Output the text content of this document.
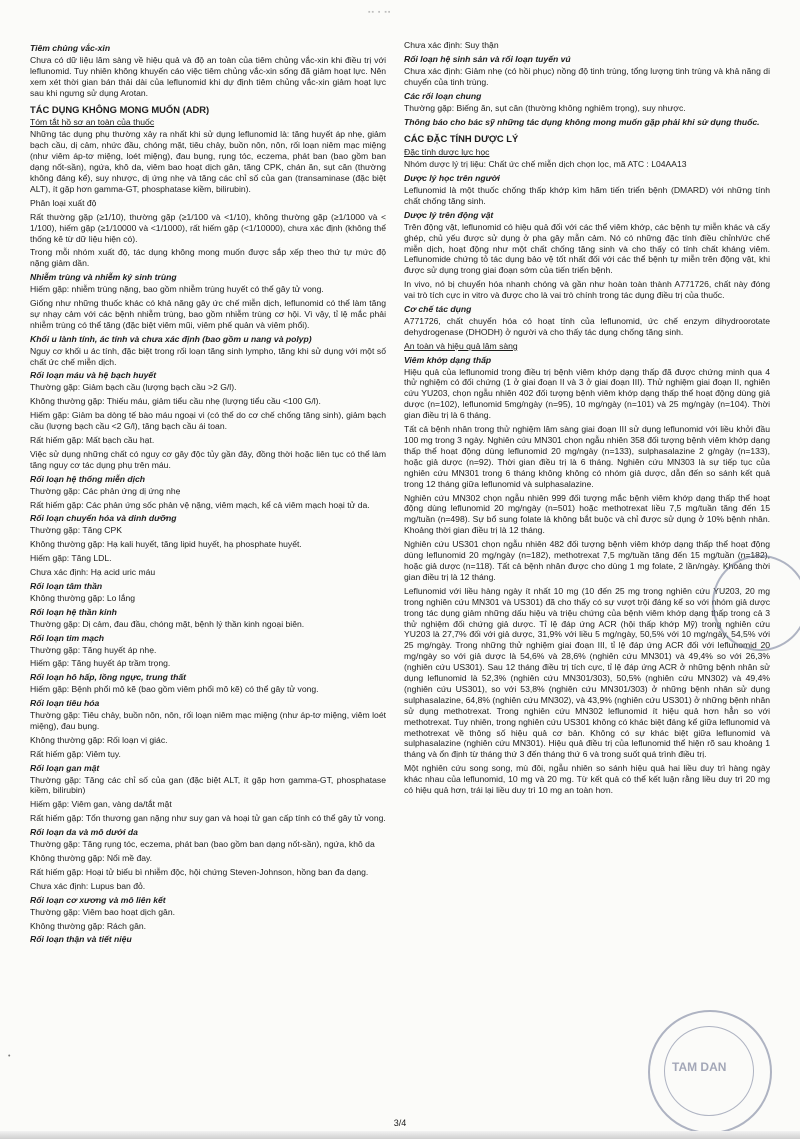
▪▪ ▪ ▪▪
•
Tiêm chủng vắc-xin

Chưa có dữ liệu lâm sàng về hiệu quả và độ an toàn của tiêm chủng vắc-xin khi điều trị với leflunomid. Tuy nhiên không khuyến cáo việc tiêm chủng vắc-xin sống đã giảm hoạt lực. Nên xem xét thời gian bán thải dài của leflunomid khi dự định tiêm chủng vắc-xin giảm hoạt lực sau khi ngưng sử dụng Arotan.

TÁC DỤNG KHÔNG MONG MUỐN (ADR)
Tóm tắt hồ sơ an toàn của thuốc

Những tác dụng phụ thường xảy ra nhất khi sử dụng leflunomid là: tăng huyết áp nhẹ, giảm bạch cầu, dị cảm, nhức đầu, chóng mặt, tiêu chảy, buồn nôn, nôn, rối loạn niêm mạc miệng (như viêm áp-tơ miệng, loét miệng), đau bụng, rụng tóc, eczema, phát ban (bao gồm ban dạng nốt-sần), ngứa, khô da, viêm bao hoạt dịch gân, tăng CPK, chán ăn, sụt cân (thường không đáng kể), suy nhược, dị ứng nhẹ và tăng các chỉ số của gan (transaminase (đặc biệt ALT), ít gặp hơn gamma-GT, phosphatase kiềm, bilirubin).

Phân loại xuất độ

Rất thường gặp (≥1/10), thường gặp (≥1/100 và <1/10), không thường gặp (≥1/1000 và < 1/100), hiếm gặp (≥1/10000 và <1/1000), rất hiếm gặp (<1/10000), chưa xác định (không thể thống kê từ dữ liệu hiện có).

Trong mỗi nhóm xuất độ, tác dụng không mong muốn được sắp xếp theo thứ tự mức độ nặng giảm dần.

Nhiễm trùng và nhiễm ký sinh trùng

Hiếm gặp: nhiễm trùng nặng, bao gồm nhiễm trùng huyết có thể gây tử vong.

Giống như những thuốc khác có khả năng gây ức chế miễn dịch, leflunomid có thể làm tăng sự nhạy cảm với các bệnh nhiễm trùng, bao gồm nhiễm trùng cơ hội. Vì vậy, tỉ lệ mắc phải nhiễm trùng có thể tăng (đặc biệt viêm mũi, viêm phế quản và viêm phổi).

Khối u lành tính, ác tính và chưa xác định (bao gồm u nang và polyp)

Nguy cơ khối u ác tính, đặc biệt trong rối loạn tăng sinh lympho, tăng khi sử dụng với một số chất ức chế miễn dịch.

Rối loạn máu và hệ bạch huyết

Thường gặp: Giảm bạch cầu (lượng bạch cầu >2 G/l).

Không thường gặp: Thiếu máu, giảm tiểu cầu nhẹ (lượng tiểu cầu <100 G/l).

Hiếm gặp: Giảm ba dòng tế bào máu ngoại vi (có thể do cơ chế chống tăng sinh), giảm bạch cầu (lượng bạch cầu <2 G/l), tăng bạch cầu ái toan.

Rất hiếm gặp: Mất bạch cầu hạt.

Việc sử dụng những chất có nguy cơ gây độc tủy gần đây, đồng thời hoặc liên tục có thể làm tăng nguy cơ tác dụng phụ trên máu.

Rối loạn hệ thống miễn dịch

Thường gặp: Các phản ứng dị ứng nhẹ

Rất hiếm gặp: Các phản ứng sốc phản vệ nặng, viêm mạch, kể cả viêm mạch hoại tử da.

Rối loạn chuyển hóa và dinh dưỡng

Thường gặp: Tăng CPK

Không thường gặp: Hạ kali huyết, tăng lipid huyết, hạ phosphate huyết.

Hiếm gặp: Tăng LDL.

Chưa xác định: Hạ acid uric máu

Rối loạn tâm thần

Không thường gặp: Lo lắng

Rối loạn hệ thần kinh

Thường gặp: Dị cảm, đau đầu, chóng mặt, bệnh lý thần kinh ngoại biên.

Rối loạn tim mạch

Thường gặp: Tăng huyết áp nhẹ.

Hiếm gặp: Tăng huyết áp trầm trọng.

Rối loạn hô hấp, lồng ngực, trung thất

Hiếm gặp: Bệnh phổi mô kẽ (bao gồm viêm phổi mô kẽ) có thể gây tử vong.

Rối loạn tiêu hóa

Thường gặp: Tiêu chảy, buồn nôn, nôn, rối loạn niêm mạc miệng (như áp-tơ miệng, viêm loét miệng), đau bụng.

Không thường gặp: Rối loạn vị giác.

Rất hiếm gặp: Viêm tụy.

Rối loạn gan mật

Thường gặp: Tăng các chỉ số của gan (đặc biệt ALT, ít gặp hơn gamma-GT, phosphatase kiềm, bilirubin)

Hiếm gặp: Viêm gan, vàng da/tắt mật

Rất hiếm gặp: Tổn thương gan nặng như suy gan và hoại tử gan cấp tính có thể gây tử vong.

Rối loạn da và mô dưới da

Thường gặp: Tăng rụng tóc, eczema, phát ban (bao gồm ban dạng nốt-sần), ngứa, khô da

Không thường gặp: Nổi mề đay.

Rất hiếm gặp: Hoại tử biểu bì nhiễm độc, hội chứng Steven-Johnson, hồng ban đa dạng.

Chưa xác định: Lupus ban đỏ.

Rối loạn cơ xương và mô liên kết

Thường gặp: Viêm bao hoạt dịch gân.

Không thường gặp: Rách gân.

Rối loạn thận và tiết niệu

Chưa xác định: Suy thận

Rối loạn hệ sinh sản và rối loạn tuyến vú

Chưa xác định: Giảm nhẹ (có hồi phục) nồng độ tinh trùng, tổng lượng tinh trùng và khả năng di chuyển của tinh trùng.

Các rối loạn chung

Thường gặp: Biếng ăn, sụt cân (thường không nghiêm trọng), suy nhược.

Thông báo cho bác sỹ những tác dụng không mong muốn gặp phải khi sử dụng thuốc.
CÁC ĐẶC TÍNH DƯỢC LÝ
Đặc tính dược lực học

Nhóm dược lý trị liệu: Chất ức chế miễn dịch chọn lọc, mã ATC : L04AA13

Dược lý học trên người

Leflunomid là một thuốc chống thấp khớp kìm hãm tiến triển bệnh (DMARD) với những tính chất chống tăng sinh.

Dược lý trên động vật

Trên động vật, leflunomid có hiệu quả đối với các thể viêm khớp, các bệnh tự miễn khác và cấy ghép, chủ yếu được sử dụng ở pha gây mẫn cảm. Nó có những đặc tính điều chỉnh/ức chế miễn dịch, hoạt động như một chất chống tăng sinh và cho thấy có tính chất kháng viêm. Leflunomide chứng tỏ tác dụng bảo vệ tốt nhất đối với các thể bệnh tự miễn trên động vật, khi được sử dụng trong giai đoạn sớm của tiến triển bệnh.

In vivo, nó bị chuyển hóa nhanh chóng và gần như hoàn toàn thành A771726, chất này đóng vai trò tích cực in vitro và được cho là vai trò chính trong tác dụng điều trị của thuốc.

Cơ chế tác dụng

A771726, chất chuyển hóa có hoạt tính của leflunomid, ức chế enzym dihydroorotate dehydrogenase (DHODH) ở người và cho thấy tác dụng chống tăng sinh.

An toàn và hiệu quả lâm sàng
Viêm khớp dạng thấp

Hiệu quả của leflunomid trong điều trị bệnh viêm khớp dạng thấp đã được chứng minh qua 4 thử nghiệm có đối chứng (1 ở giai đoạn II và 3 ở giai đoạn III). Thử nghiệm giai đoạn II, nghiên cứu YU203, chọn ngẫu nhiên 402 đối tượng bệnh viêm khớp dạng thấp thể hoạt động dùng giả dược (n=102), leflunomid 5mg/ngày (n=95), 10 mg/ngày (n=101) và 25 mg/ngày (n=104). Thời gian điều trị là 6 tháng.

Tất cả bệnh nhân trong thử nghiệm lâm sàng giai đoạn III sử dụng leflunomid với liều khởi đầu 100 mg trong 3 ngày. Nghiên cứu MN301 chọn ngẫu nhiên 358 đối tượng bệnh viêm khớp dạng thấp thể hoạt động dùng leflunomid 20 mg/ngày (n=133), sulphasalazine 2 g/ngày (n=133), hoặc giả dược (n=92). Thời gian điều trị là 6 tháng. Nghiên cứu MN303 là sự tiếp tục của nghiên cứu MN301 trong 6 tháng không không có nhóm giả dược, dẫn đến so sánh kết quả trong 12 tháng giữa leflunomid và sulphasalazine.

Nghiên cứu MN302 chọn ngẫu nhiên 999 đối tượng mắc bệnh viêm khớp dạng thấp thể hoạt động dùng leflunomid 20 mg/ngày (n=501) hoặc methotrexat liều 7,5 mg/tuần tăng đến 15 mg/tuần (n=498). Sự bổ sung folate là không bắt buộc và chỉ được sử dụng ở 10% bệnh nhân. Khoảng thời gian điều trị là 12 tháng.

Nghiên cứu US301 chọn ngẫu nhiên 482 đối tượng bệnh viêm khớp dạng thấp thể hoạt động dùng leflunomid 20 mg/ngày (n=182), methotrexat 7,5 mg/tuần tăng đến 15 mg/tuần (n=182), hoặc giả dược (n=118). Tất cả bệnh nhân được cho dùng 1 mg folate, 2 lần/ngày. Khoảng thời gian điều trị là 12 tháng.

Leflunomid với liều hàng ngày ít nhất 10 mg (10 đến 25 mg trong nghiên cứu YU203, 20 mg trong nghiên cứu MN301 và US301) đã cho thấy có sự vượt trội đáng kể so với nhóm giả dược trong tác dụng giảm những dấu hiệu và triệu chứng của bệnh viêm khớp dạng thấp trong cả 3 thử nghiệm đối chứng giả dược. Tỉ lệ đáp ứng ACR (hội thấp khớp Mỹ) trong nghiên cứu YU203 là 27,7% đối với giả dược, 31,9% với liều 5 mg/ngày, 50,5% với 10 mg/ngày, 54,5% với 25 mg/ngày. Trong những thử nghiệm giai đoạn III, tỉ lệ đáp ứng ACR đối với leflunomid 20 mg/ngày so với giả dược là 54,6% và 28,6% (nghiên cứu MN301) và 49,4% so với 26,3% (nghiên cứu US301). Sau 12 tháng điều trị tích cực, tỉ lệ đáp ứng ACR ở những bệnh nhân sử dụng leflunomid là 52,3% (nghiên cứu MN301/303), 50,5% (nghiên cứu MN302) và 49,4% (nghiên cứu US301), so với 53,8% (nghiên cứu MN301/303) ở những bệnh nhân sử dụng sulphasalazine, 64,8% (nghiên cứu MN302), và 43,9% (nghiên cứu US301) ở những bệnh nhân sử dụng methotrexat. Trong nghiên cứu MN302 leflunomid ít hiệu quả hơn hẳn so với methotrexat. Tuy nhiên, trong nghiên cứu US301 không có khác biệt đáng kể giữa leflunomid và methotrexat về thông số hiệu quả cơ bản. Không có sự khác biệt giữa leflunomid và sulphasalazine (nghiên cứu MN301). Hiệu quả điều trị của leflunomid thể hiện rõ sau khoảng 1 tháng và ổn định từ tháng thứ 3 đến tháng thứ 6 và trong suốt quá trình điều trị.

Một nghiên cứu song song, mù đôi, ngẫu nhiên so sánh hiệu quả hai liều duy trì hàng ngày khác nhau của leflunomid, 10 mg và 20 mg. Từ kết quả có thể kết luận rằng liều duy trì 20 mg có hiệu quả hơn, trái lại liều duy trì 10 mg an toàn hơn.

TAM DAN
3/4
